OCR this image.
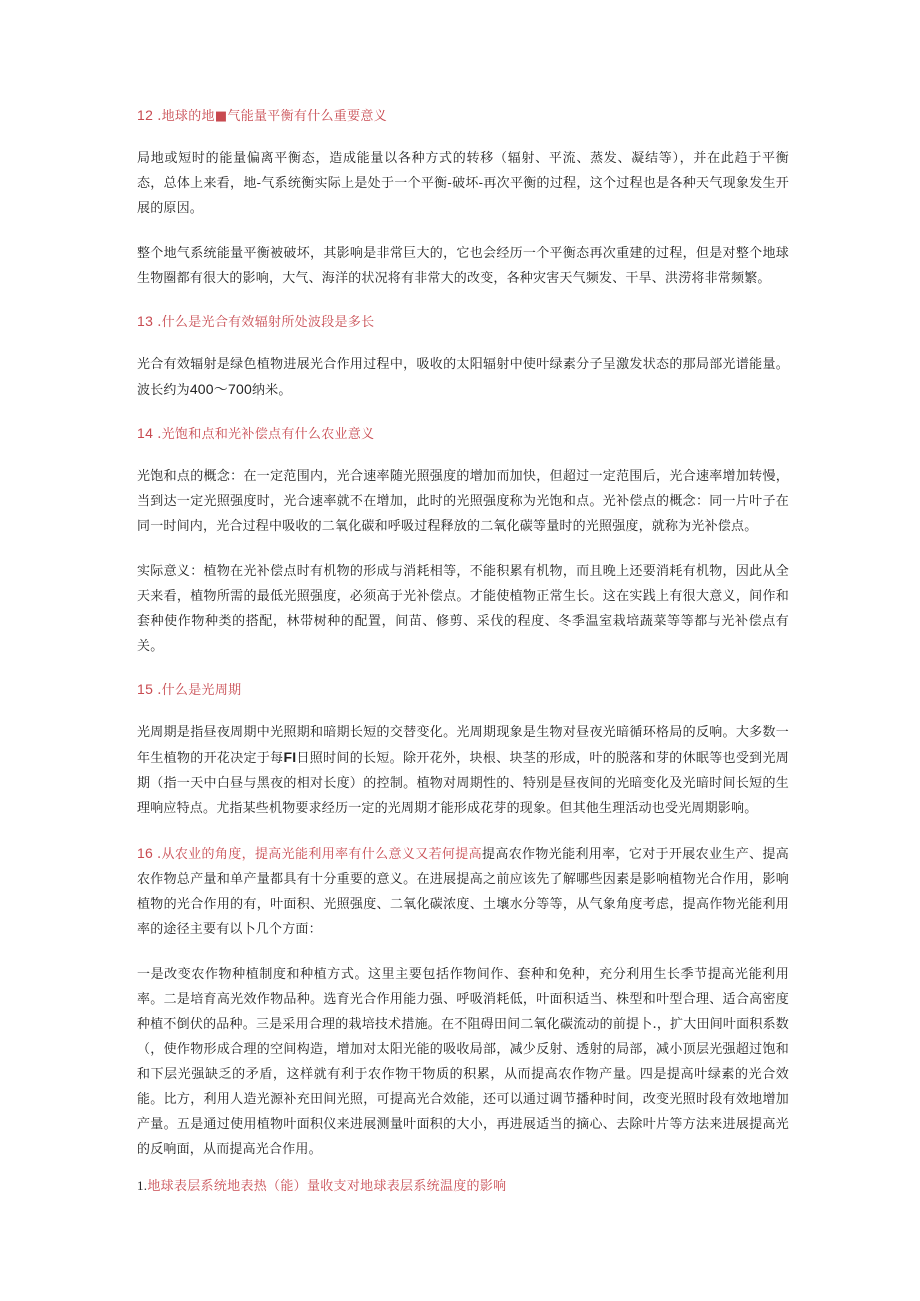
12 .地球的地■气能量平衡有什么重要意义

局地或短时的能量偏离平衡态，造成能量以各种方式的转移（辐射、平流、蒸发、凝结等），并在此趋于平衡态，总体上来看，地-气系统衡实际上是处于一个平衡-破坏-再次平衡的过程，这个过程也是各种天气现象发生开展的原因。

整个地气系统能量平衡被破坏，其影响是非常巨大的，它也会经历一个平衡态再次重建的过程，但是对整个地球生物圈都有很大的影响，大气、海洋的状况将有非常大的改变，各种灾害天气频发、干旱、洪涝将非常频繁。

13 .什么是光合有效辐射所处波段是多长

光合有效辐射是绿色植物进展光合作用过程中，吸收的太阳辐射中使叶绿素分子呈激发状态的那局部光谱能量。波长约为400～700纳米。

14 .光饱和点和光补偿点有什么农业意义

光饱和点的概念：在一定范围内，光合速率随光照强度的增加而加快，但超过一定范围后，光合速率增加转慢，当到达一定光照强度时，光合速率就不在增加，此时的光照强度称为光饱和点。光补偿点的概念：同一片叶子在同一时间内，光合过程中吸收的二氧化碳和呼吸过程释放的二氧化碳等量时的光照强度，就称为光补偿点。

实际意义：植物在光补偿点时有机物的形成与消耗相等，不能积累有机物，而且晚上还要消耗有机物，因此从全天来看，植物所需的最低光照强度，必须高于光补偿点。才能使植物正常生长。这在实践上有很大意义，间作和套种使作物种类的搭配，林带树种的配置，间苗、修剪、采伐的程度、冬季温室栽培蔬菜等等都与光补偿点有关。

15 .什么是光周期

光周期是指昼夜周期中光照期和暗期长短的交替变化。光周期现象是生物对昼夜光暗循环格局的反响。大多数一年生植物的开花决定于每FI日照时间的长短。除开花外，块根、块茎的形成，叶的脱落和芽的休眠等也受到光周期（指一天中白昼与黑夜的相对长度）的控制。植物对周期性的、特别是昼夜间的光暗变化及光暗时间长短的生理响应特点。尤指某些机物要求经历一定的光周期才能形成花芽的现象。但其他生理活动也受光周期影响。

16 .从农业的角度，提高光能利用率有什么意义又若何提高提高农作物光能利用率，它对于开展农业生产、提高农作物总产量和单产量都具有十分重要的意义。在进展提高之前应该先了解哪些因素是影响植物光合作用，影响植物的光合作用的有，叶面积、光照强度、二氧化碳浓度、土壤水分等等，从气象角度考虑，提高作物光能利用率的途径主要有以卜几个方面：

一是改变农作物种植制度和种植方式。这里主要包括作物间作、套种和免种，充分利用生长季节提高光能利用率。二是培育高光效作物品种。选育光合作用能力强、呼吸消耗低，叶面积适当、株型和叶型合理、适合高密度种植不倒伏的品种。三是采用合理的栽培技术措施。在不阻碍田间二氧化碳流动的前提卜.，扩大田间叶面积系数（，使作物形成合理的空间构造，增加对太阳光能的吸收局部，减少反射、透射的局部，减小顶层光强超过饱和和下层光强缺乏的矛盾，这样就有利于农作物干物质的积累，从而提高农作物产量。四是提高叶绿素的光合效能。比方，利用人造光源补充田间光照，可提高光合效能，还可以通过调节播种时间，改变光照时段有效地增加产量。五是通过使用植物叶面积仪来进展测量叶面积的大小，再进展适当的摘心、去除叶片等方法来进展提高光的反响面，从而提高光合作用。

1.地球表层系统地表热（能）量收支对地球表层系统温度的影响
